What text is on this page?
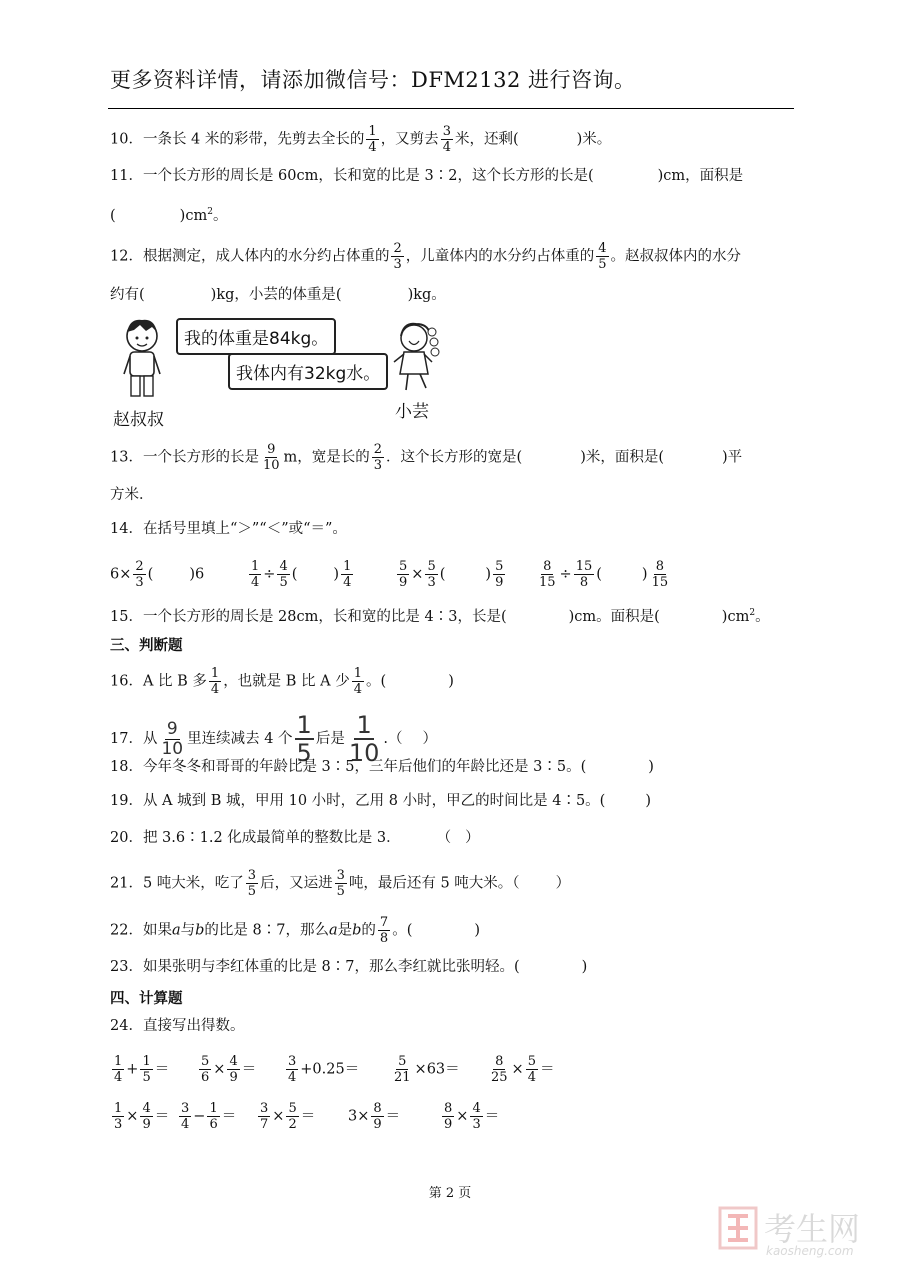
更多资料详情，请添加微信号：DFM2132 进行咨询。
10．一条长 4 米的彩带，先剪去全长的 $\frac{1}{4}$ ，又剪去 $\frac{3}{4}$ 米，还剩(	)米。
11．一个长方形的周长是 60cm，长和宽的比是 3∶2，这个长方形的长是(	)cm，面积是
(	)$cm^2$。
12．根据测定，成人体内的水分约占体重的 $\frac{2}{3}$ ，儿童体内的水分约占体重的 $\frac{4}{5}$ 。赵叔叔体内的水分
约有(	)kg，小芸的体重是(	)kg。
我的体重是84kg。
我体内有32kg水。
赵叔叔	小芸
13．一个长方形的长是 $\frac{9}{10}$ m，宽是长的 $\frac{2}{3}$ ．这个长方形的宽是(	)米，面积是(	)平
方米．
14．在括号里填上“＞”“＜”或“＝”。
$6\times \frac{2}{3}$ ( )6	$\frac{1}{4} \div \frac{4}{5}$ ( ) $\frac{1}{4}$	$\frac{5}{9} \times \frac{5}{3}$ (	) $\frac{5}{9} \frac{8}{15} \div \frac{15}{8}$ (	) $\frac{8}{15}$
15．一个长方形的周长是 28cm，长和宽的比是 4∶3，长是(	)cm。面积是(	)$cm^2$。
三、判断题
16．A 比 B 多 $\frac{1}{4}$ ，也就是 B 比 A 少 $\frac{1}{4}$ 。(	)
17．从 $\frac{9}{10}$ 里连续减去 4 个 $\frac{1}{5}$ 后是 $\frac{1}{10}$ .（ ）
18．今年冬冬和哥哥的年龄比是 3∶5，三年后他们的年龄比还是 3∶5。(	)
19．从 A 城到 B 城，甲用 10 小时，乙用 8 小时，甲乙的时间比是 4∶5。(	)
20．把 3.6∶1.2 化成最简单的整数比是 3． （ ）
21．5 吨大米，吃了 $\frac{3}{5}$ 后，又运进 $\frac{3}{5}$ 吨，最后还有 5 吨大米。（ ）
22．如果a与b的比是 8∶7，那么a是b的 $\frac{7}{8}$ 。(	)
23．如果张明与李红体重的比是 8∶7，那么李红就比张明轻。(	)
四、计算题
24．直接写出得数。
$\frac{1}{4} + \frac{1}{5} = \frac{5}{6} \times \frac{4}{9} = \frac{3}{4} +0.25=$	$\frac{5}{21} \times 63= \frac{8}{25} \times \frac{5}{4}$ ＝
$\frac{1}{3} \times \frac{4}{9} = \frac{3}{4} - \frac{1}{6} = \frac{3}{7} \times \frac{5}{2} = 3\times \frac{8}{9}$ ＝	$\frac{8}{9} \times \frac{4}{3}$ ＝
第 2 页
考生网
kaosheng.com
